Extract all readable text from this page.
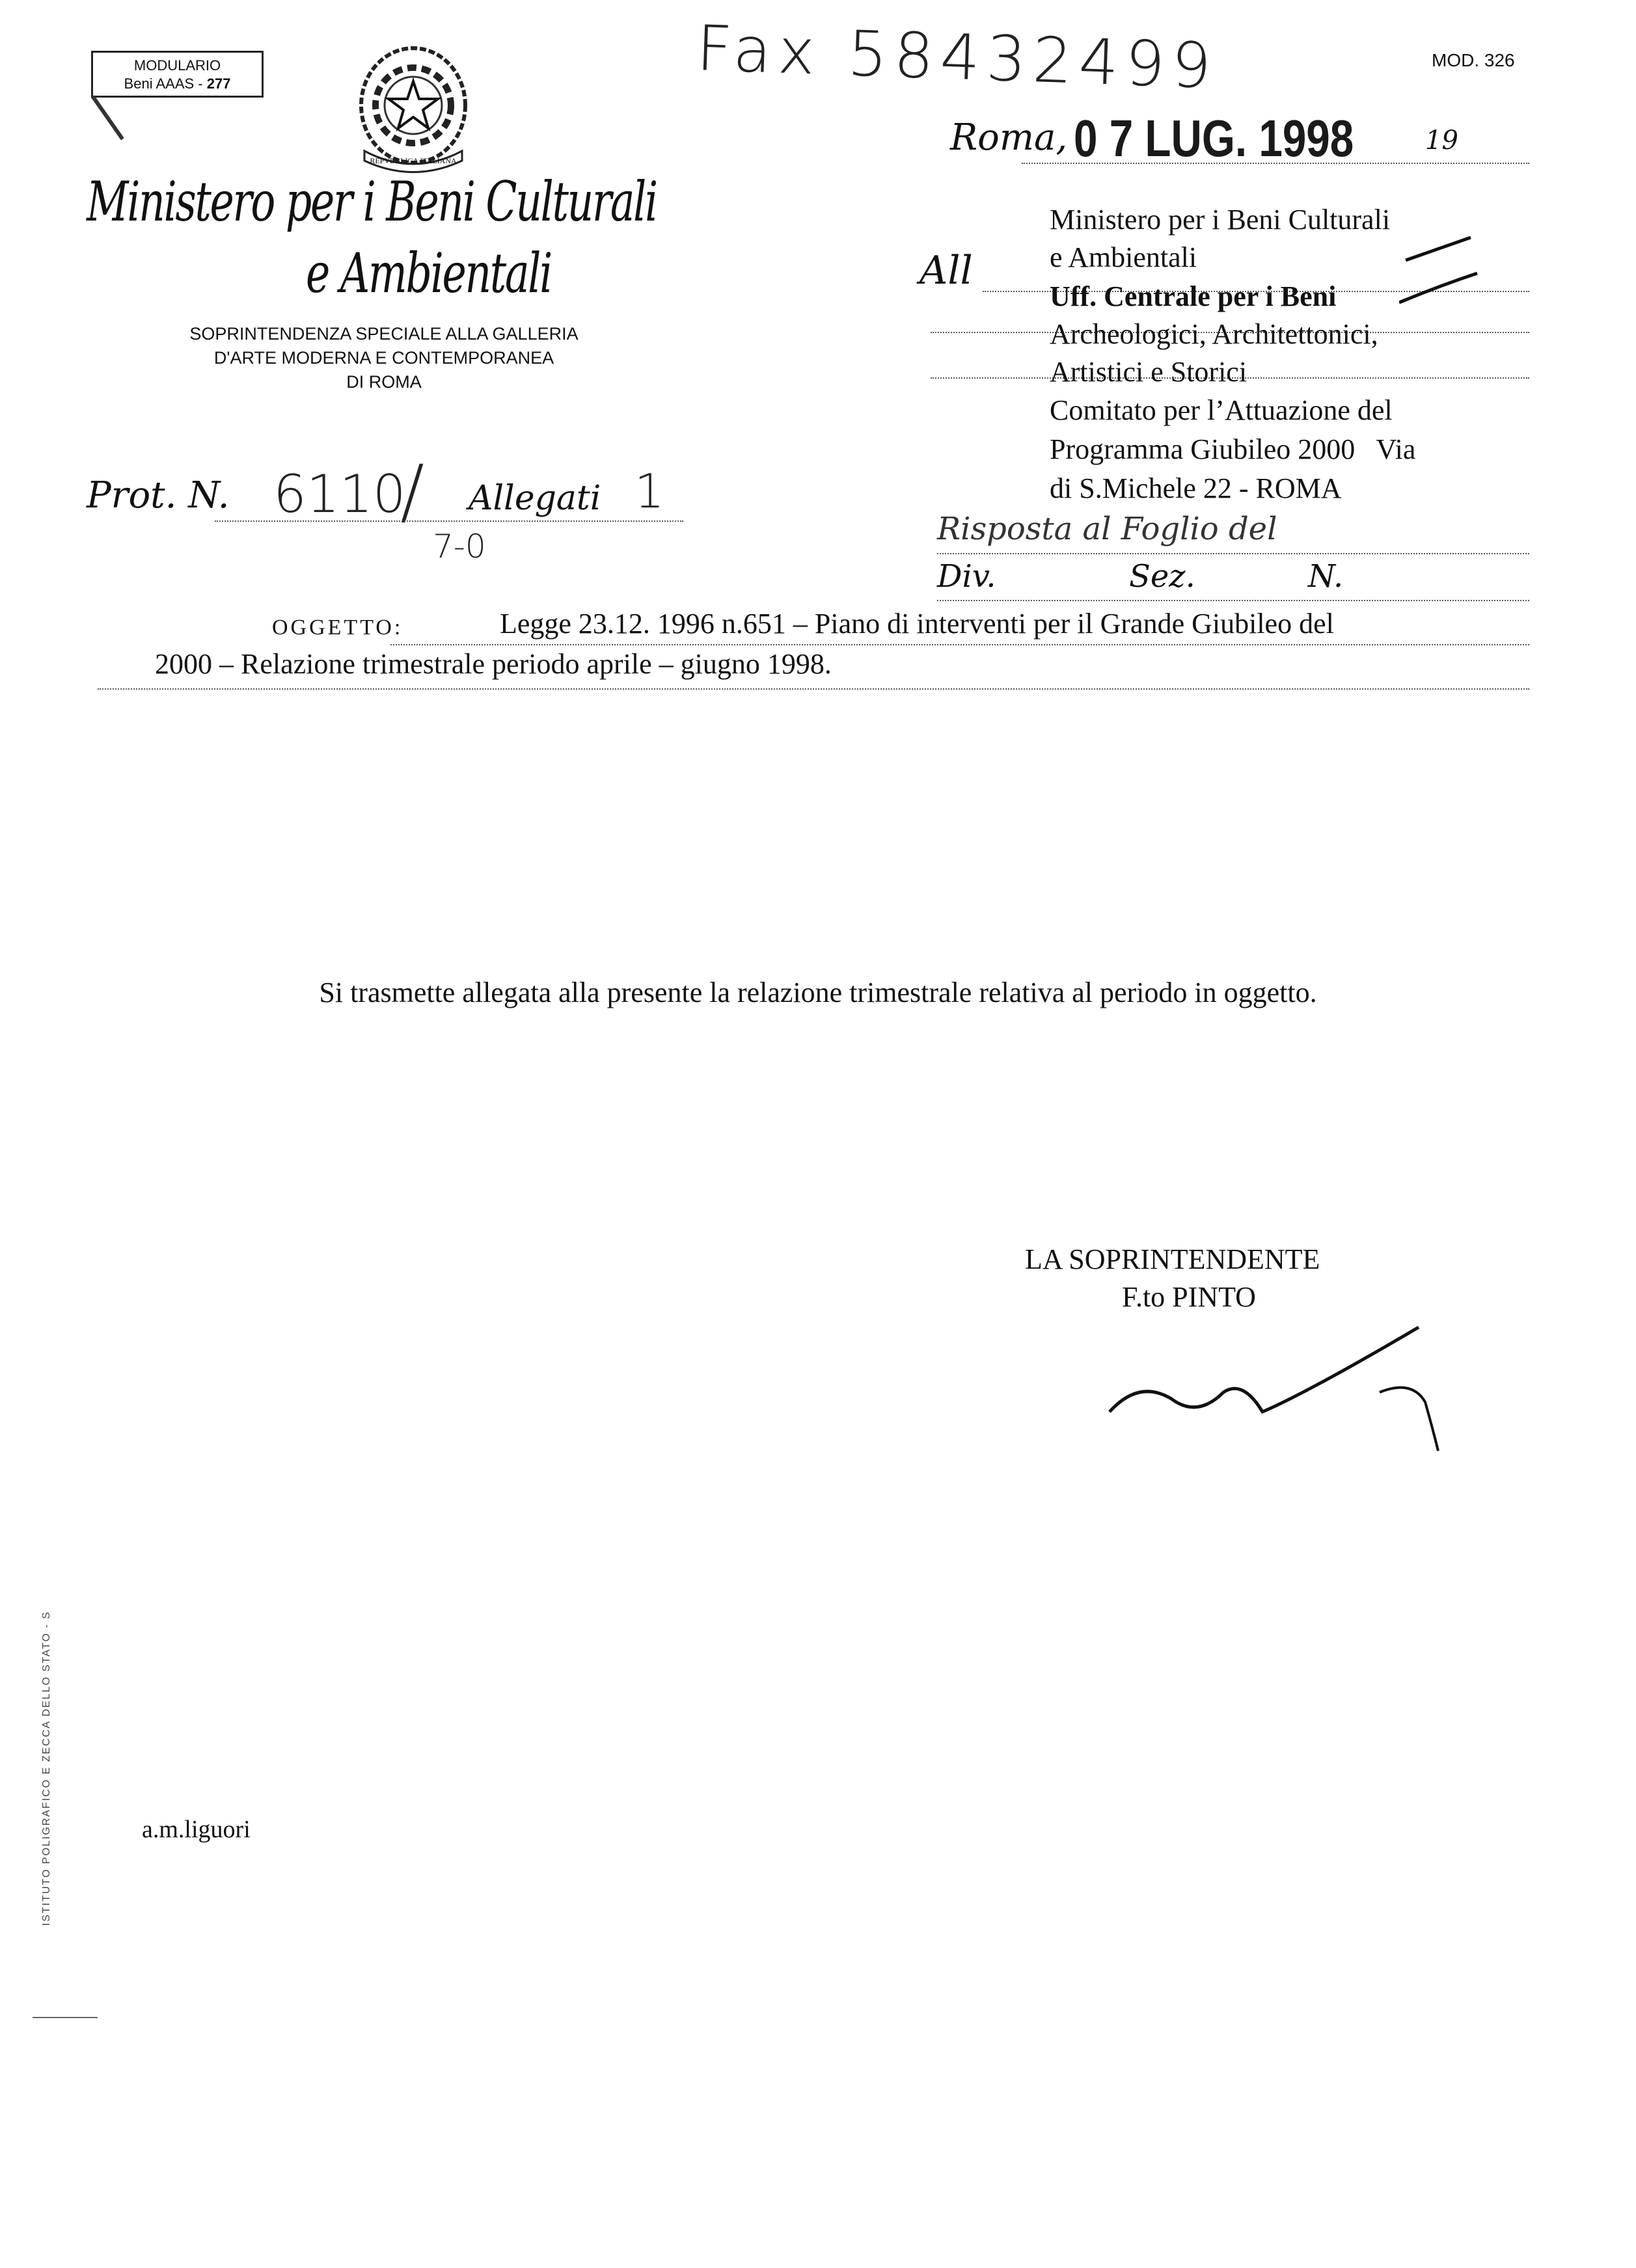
MODULARIO
Beni AAAS - 277
MOD. 326
REPVBBLICA ITALIANA
Ministero per i Beni Culturali
e Ambientali
SOPRINTENDENZA SPECIALE ALLA GALLERIA
D'ARTE MODERNA E CONTEMPORANEA
DI ROMA
Fax 58432499
Roma, 0 7 LUG. 1998	19
All
Ministero per i Beni Culturali
e Ambientali
Uff. Centrale per i Beni
Archeologici, Architettonici,
Artistici e Storici
Comitato per l’Attuazione del
Programma Giubileo 2000   Via
di S.Michele 22 - ROMA
Risposta al Foglio del
Div.	Sez.	N.
Prot. N. 6110
/
7-0
Allegati 1
OGGETTO:	Legge 23.12. 1996 n.651 – Piano di interventi per il Grande Giubileo del
2000 – Relazione trimestrale periodo aprile – giugno 1998.
Si trasmette allegata alla presente la relazione trimestrale relativa al periodo in oggetto.
LA SOPRINTENDENTE
F.to PINTO
a.m.liguori
ISTITUTO POLIGRAFICO E ZECCA DELLO STATO - S
